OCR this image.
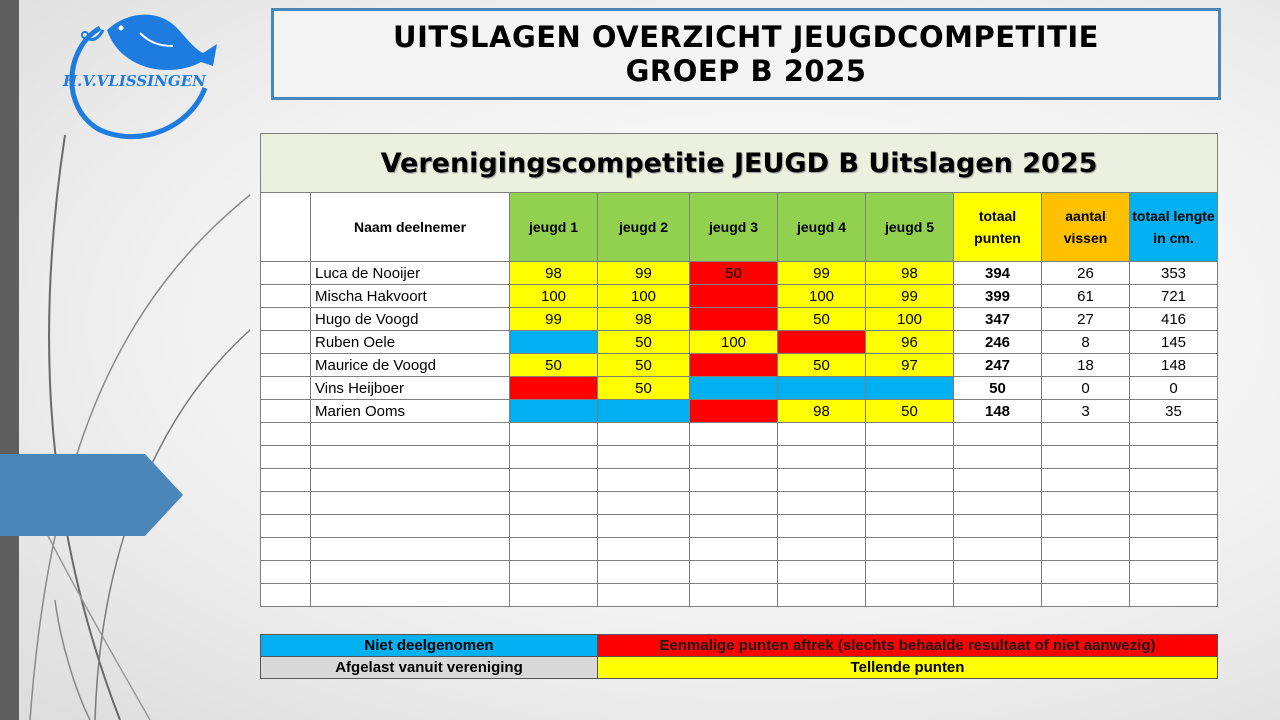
H.V.VLISSINGEN
UITSLAGEN OVERZICHT JEUGDCOMPETITIE
GROEP B 2025
Verenigingscompetitie JEUGD B Uitslagen 2025									
	Naam deelnemer	jeugd 1	jeugd 2	jeugd 3	jeugd 4	jeugd 5	totaal punten	aantal vissen	totaal lengte in cm.
	Luca de Nooijer	98	99	50	99	98	394	26	353
	Mischa Hakvoort	100	100		100	99	399	61	721
	Hugo de Voogd	99	98		50	100	347	27	416
	Ruben Oele		50	100		96	246	8	145
	Maurice de Voogd	50	50		50	97	247	18	148
	Vins Heijboer		50				50	0	0
	Marien Ooms				98	50	148	3	35

Niet deelgenomen	Eenmalige punten aftrek (slechts behaalde resultaat of niet aanwezig)
Afgelast vanuit vereniging	Tellende punten
